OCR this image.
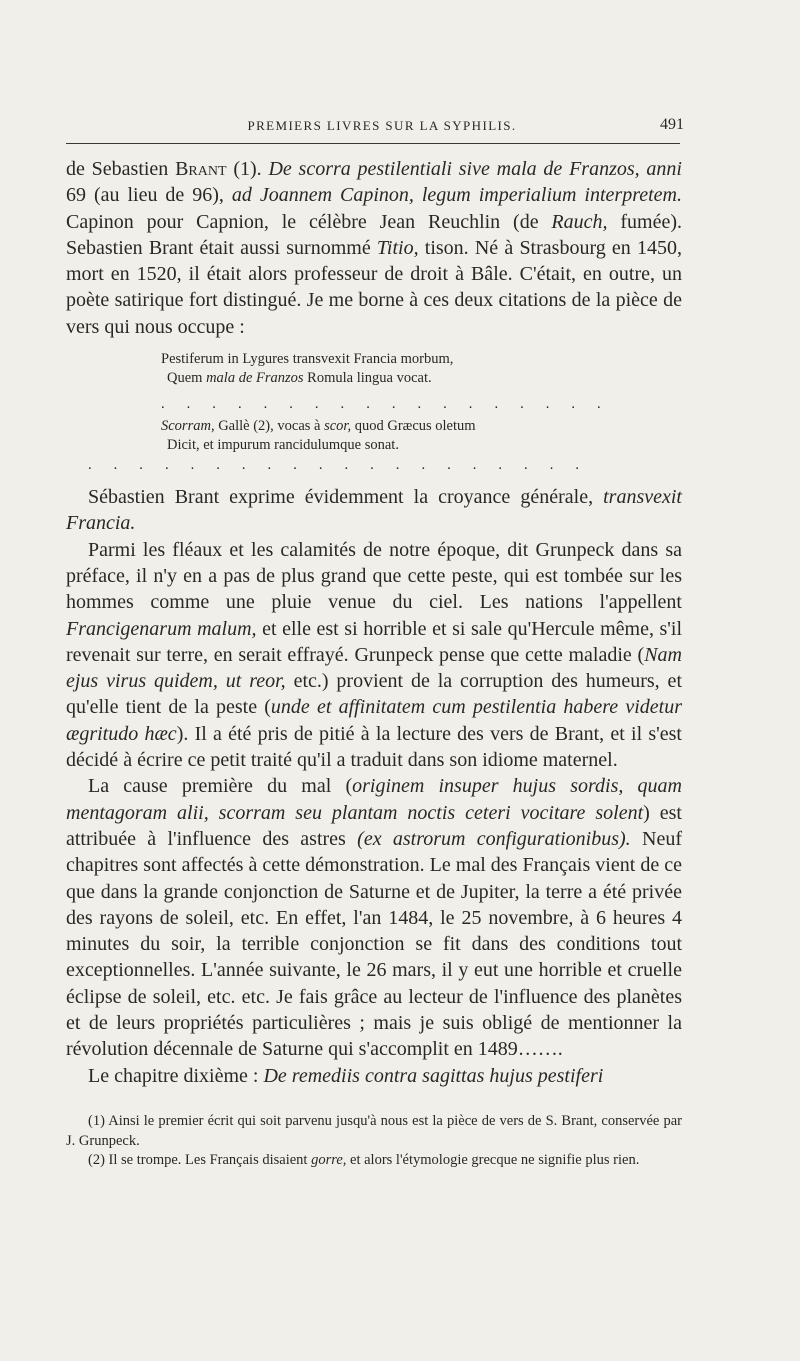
PREMIERS LIVRES SUR LA SYPHILIS.	491

de Sebastien Brant (1). De scorra pestilentiali sive mala de Franzos, anni 69 (au lieu de 96), ad Joannem Capinon, legum imperialium interpretem. Capinon pour Capnion, le célèbre Jean Reuchlin (de Rauch, fumée). Sebastien Brant était aussi surnommé Titio, tison. Né à Strasbourg en 1450, mort en 1520, il était alors professeur de droit à Bâle. C'était, en outre, un poète satirique fort distingué. Je me borne à ces deux citations de la pièce de vers qui nous occupe :

Pestiferum in Lygures transvexit Francia morbum,
Quem mala de Franzos Romula lingua vocat.
. . . . . . . . . . . . . . . . . .
Scorram, Gallè (2), vocas à scor, quod Græcus oletum
Dicit, et impurum rancidulumque sonat.
. . . . . . . . . . . . . . . . . . . .

Sébastien Brant exprime évidemment la croyance générale, transvexit Francia.

Parmi les fléaux et les calamités de notre époque, dit Grunpeck dans sa préface, il n'y en a pas de plus grand que cette peste, qui est tombée sur les hommes comme une pluie venue du ciel. Les nations l'appellent Francigenarum malum, et elle est si horrible et si sale qu'Hercule même, s'il revenait sur terre, en serait effrayé. Grunpeck pense que cette maladie (Nam ejus virus quidem, ut reor, etc.) provient de la corruption des humeurs, et qu'elle tient de la peste (unde et affinitatem cum pestilentia habere videtur ægritudo hæc). Il a été pris de pitié à la lecture des vers de Brant, et il s'est décidé à écrire ce petit traité qu'il a traduit dans son idiome maternel.

La cause première du mal (originem insuper hujus sordis, quam mentagoram alii, scorram seu plantam noctis ceteri vocitare solent) est attribuée à l'influence des astres (ex astrorum configurationibus). Neuf chapitres sont affectés à cette démonstration. Le mal des Français vient de ce que dans la grande conjonction de Saturne et de Jupiter, la terre a été privée des rayons de soleil, etc. En effet, l'an 1484, le 25 novembre, à 6 heures 4 minutes du soir, la terrible conjonction se fit dans des conditions tout exceptionnelles. L'année suivante, le 26 mars, il y eut une horrible et cruelle éclipse de soleil, etc. etc. Je fais grâce au lecteur de l'influence des planètes et de leurs propriétés particulières ; mais je suis obligé de mentionner la révolution décennale de Saturne qui s'accomplit en 1489…….

Le chapitre dixième : De remediis contra sagittas hujus pestiferi

(1) Ainsi le premier écrit qui soit parvenu jusqu'à nous est la pièce de vers de S. Brant, conservée par J. Grunpeck.

(2) Il se trompe. Les Français disaient gorre, et alors l'étymologie grecque ne signifie plus rien.
